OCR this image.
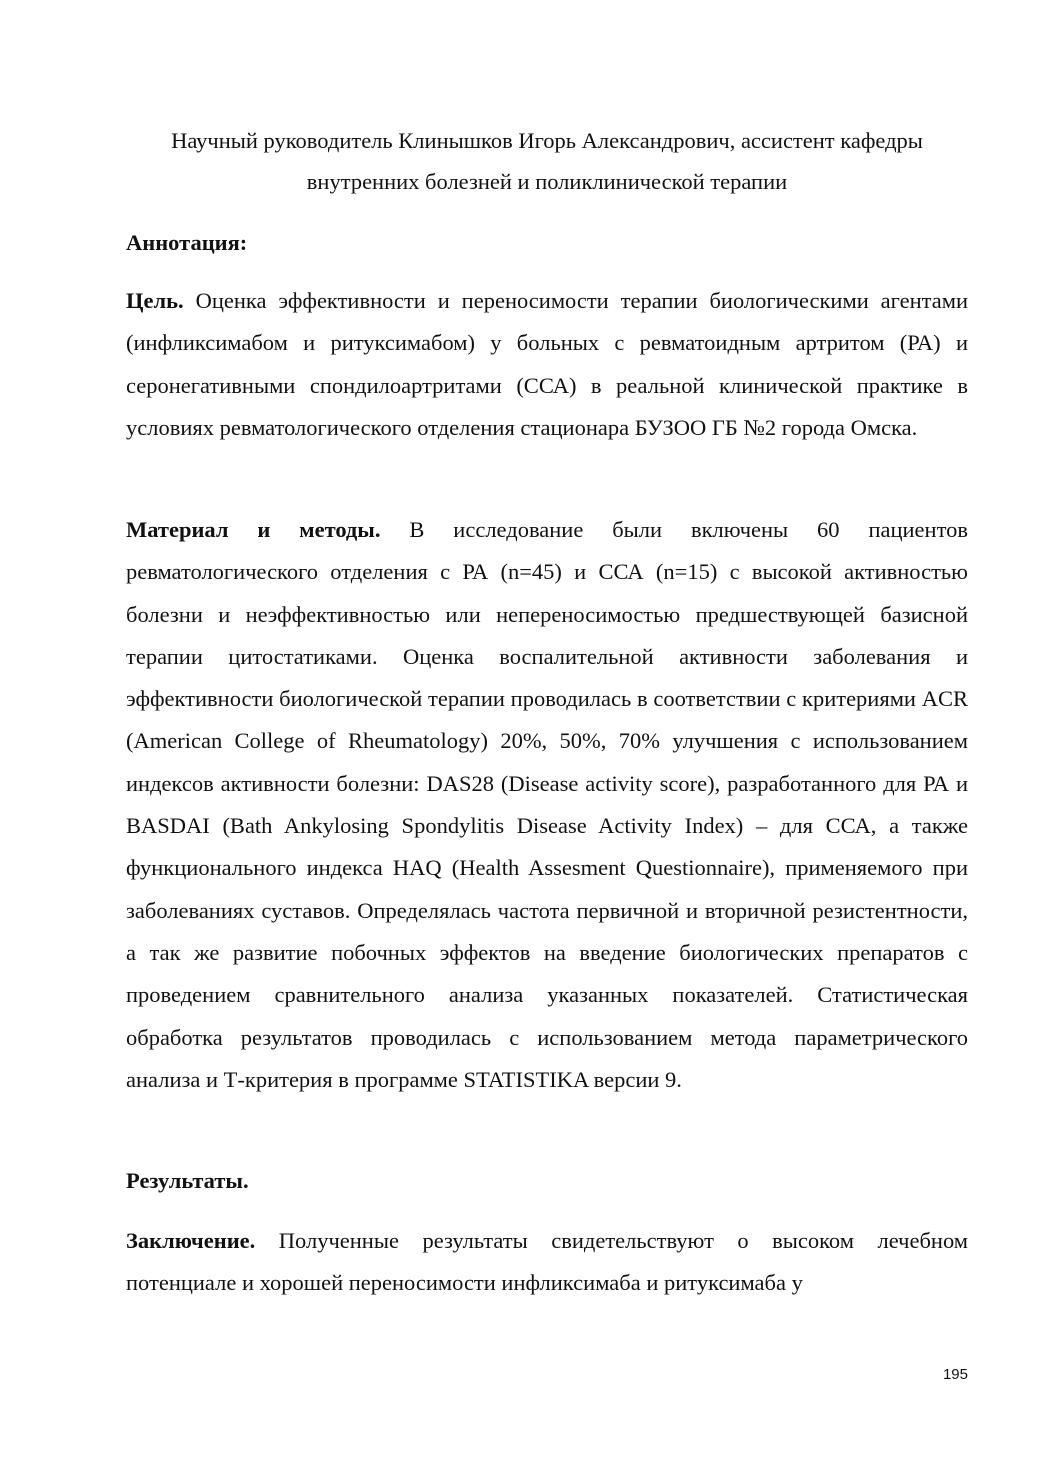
Научный руководитель Клинышков Игорь Александрович, ассистент кафедры
внутренних болезней и поликлинической терапии
Аннотация:
Цель. Оценка эффективности и переносимости терапии биологическими агентами (инфликсимабом и ритуксимабом) у больных с ревматоидным артритом (РА) и серонегативными спондилоартритами (ССА) в реальной клинической практике в условиях ревматологического отделения стационара БУЗОО ГБ №2 города Омска.
Материал и методы. В исследование были включены 60 пациентов ревматологического отделения с РА (n=45) и ССА (n=15) с высокой активностью болезни и неэффективностью или непереносимостью предшествующей базисной терапии цитостатиками. Оценка воспалительной активности заболевания и эффективности биологической терапии проводилась в соответствии с критериями ACR (American College of Rheumatology) 20%, 50%, 70% улучшения с использованием индексов активности болезни: DAS28 (Disease activity score), разработанного для РА и BASDAI (Bath Ankylosing Spondylitis Disease Activity Index) – для ССА, а также функционального индекса HAQ (Health Assesment Questionnaire), применяемого при заболеваниях суставов. Определялась частота первичной и вторичной резистентности, а так же развитие побочных эффектов на введение биологических препаратов с проведением сравнительного анализа указанных показателей. Статистическая обработка результатов проводилась с использованием метода параметрического анализа и Т-критерия в программе STATISTIKA версии 9.
Результаты.
Заключение. Полученные результаты свидетельствуют о высоком лечебном потенциале и хорошей переносимости инфликсимаба и ритуксимаба у
195
